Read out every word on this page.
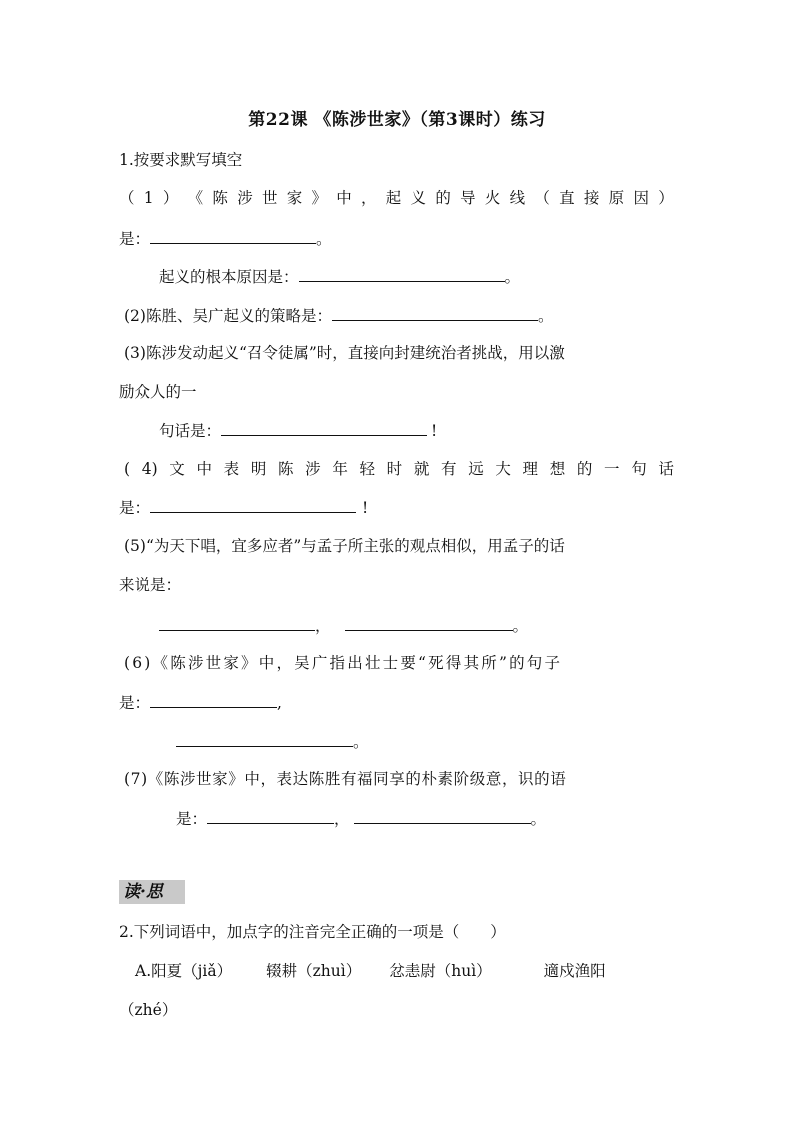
第22课 《陈涉世家》（第3课时）练习
1.按要求默写填空
（ 1 ） 《 陈 涉 世 家 》 中 ， 起 义 的 导 火 线 （ 直 接 原 因 ）
是：	。
起义的根本原因是：	。
(2)陈胜、吴广起义的策略是：	。
(3)陈涉发动起义“召令徒属”时，直接向封建统治者挑战，用以激
励众人的一
句话是：	!
( 4) 文 中 表 明 陈 涉 年 轻 时 就 有 远 大 理 想 的 一 句 话
是：	!
(5)“为天下唱，宜多应者”与孟子所主张的观点相似，用孟子的话
来说是：
，	。
(6)《陈涉世家》中，吴广指出壮士要“死得其所”的句子
是：	,
。
(7)《陈涉世家》中，表达陈胜有福同享的朴素阶级意，识的语
是：	，	。
读·思
2.下列词语中，加点字的注音完全正确的一项是（　　）
A.阳夏（jiǎ） 辍耕（zhuì） 忿恚尉（huì）	適戍渔阳
（zhé）
